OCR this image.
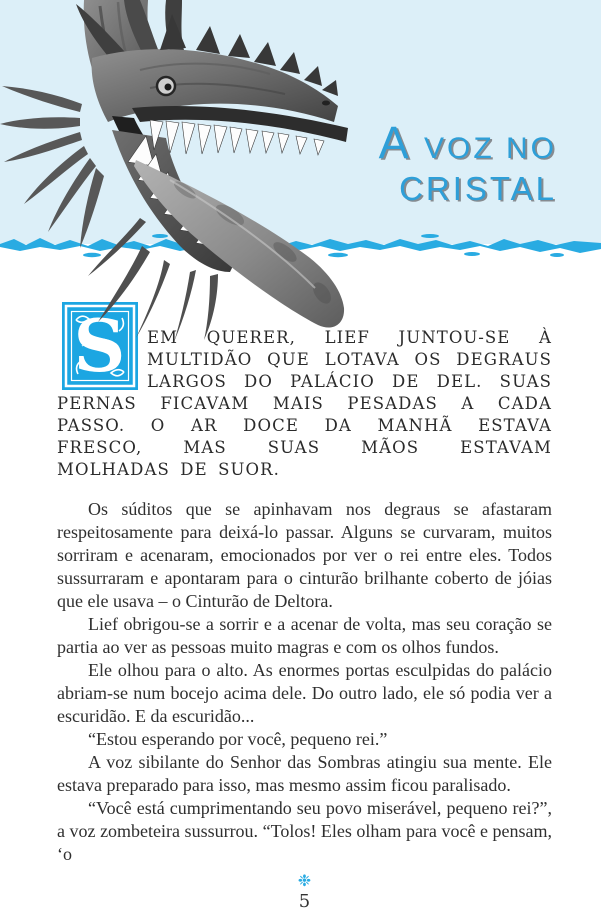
A VOZ NO
CRISTAL
S EM QUERER, LIEF JUNTOU-SE À MULTIDÃO QUE LOTAVA OS DEGRAUS LARGOS DO PALÁCIO DE DEL. SUAS PERNAS FICAVAM MAIS PESADAS A CADA PASSO. O AR DOCE DA MANHÃ ESTAVA FRESCO, MAS SUAS MÃOS ESTAVAM MOLHADAS DE SUOR.

Os súditos que se apinhavam nos degraus se afastaram respeitosamente para deixá-lo passar. Alguns se curvaram, muitos sorriram e acenaram, emocionados por ver o rei entre eles. Todos sussurraram e apontaram para o cinturão brilhante coberto de jóias que ele usava – o Cinturão de Deltora.

Lief obrigou-se a sorrir e a acenar de volta, mas seu coração se partia ao ver as pessoas muito magras e com os olhos fundos.

Ele olhou para o alto. As enormes portas esculpidas do palácio abriam-se num bocejo acima dele. Do outro lado, ele só podia ver a escuridão. E da escuridão...

“Estou esperando por você, pequeno rei.”

A voz sibilante do Senhor das Sombras atingiu sua mente. Ele estava preparado para isso, mas mesmo assim ficou paralisado.

“Você está cumprimentando seu povo miserável, pequeno rei?”, a voz zombeteira sussurrou. “Tolos! Eles olham para você e pensam, ‘o

❉
5
